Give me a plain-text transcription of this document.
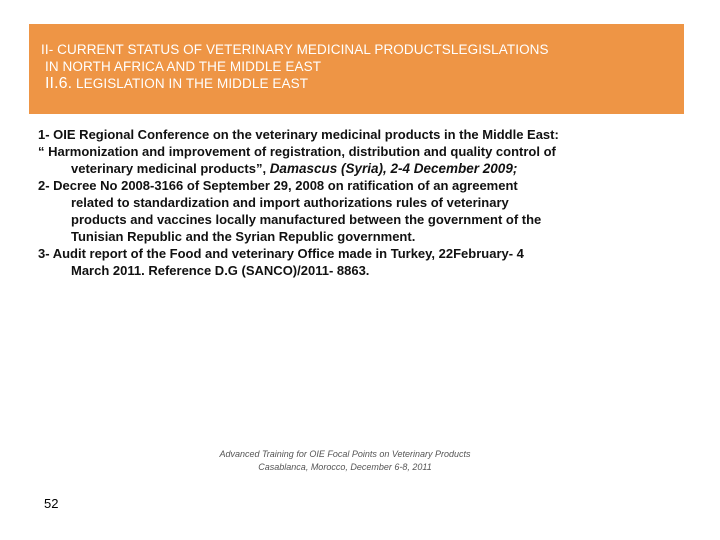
II- CURRENT STATUS OF VETERINARY MEDICINAL PRODUCTSLEGISLATIONS
IN NORTH AFRICA AND THE MIDDLE EAST
II.6. LEGISLATION IN THE MIDDLE EAST
1- OIE Regional Conference on the veterinary medicinal products in the Middle East:
“ Harmonization and improvement of registration, distribution and quality control of
veterinary medicinal products”, Damascus (Syria), 2-4 December 2009;
2- Decree No 2008-3166 of September 29, 2008 on ratification of an agreement
related to standardization and import authorizations rules of veterinary
products and vaccines locally manufactured between the government of the
Tunisian Republic and the Syrian Republic government.
3- Audit report of the Food and veterinary Office made in Turkey, 22February- 4
March 2011. Reference D.G (SANCO)/2011- 8863.
Advanced Training for OIE Focal Points on Veterinary Products
Casablanca, Morocco, December 6-8, 2011
52
